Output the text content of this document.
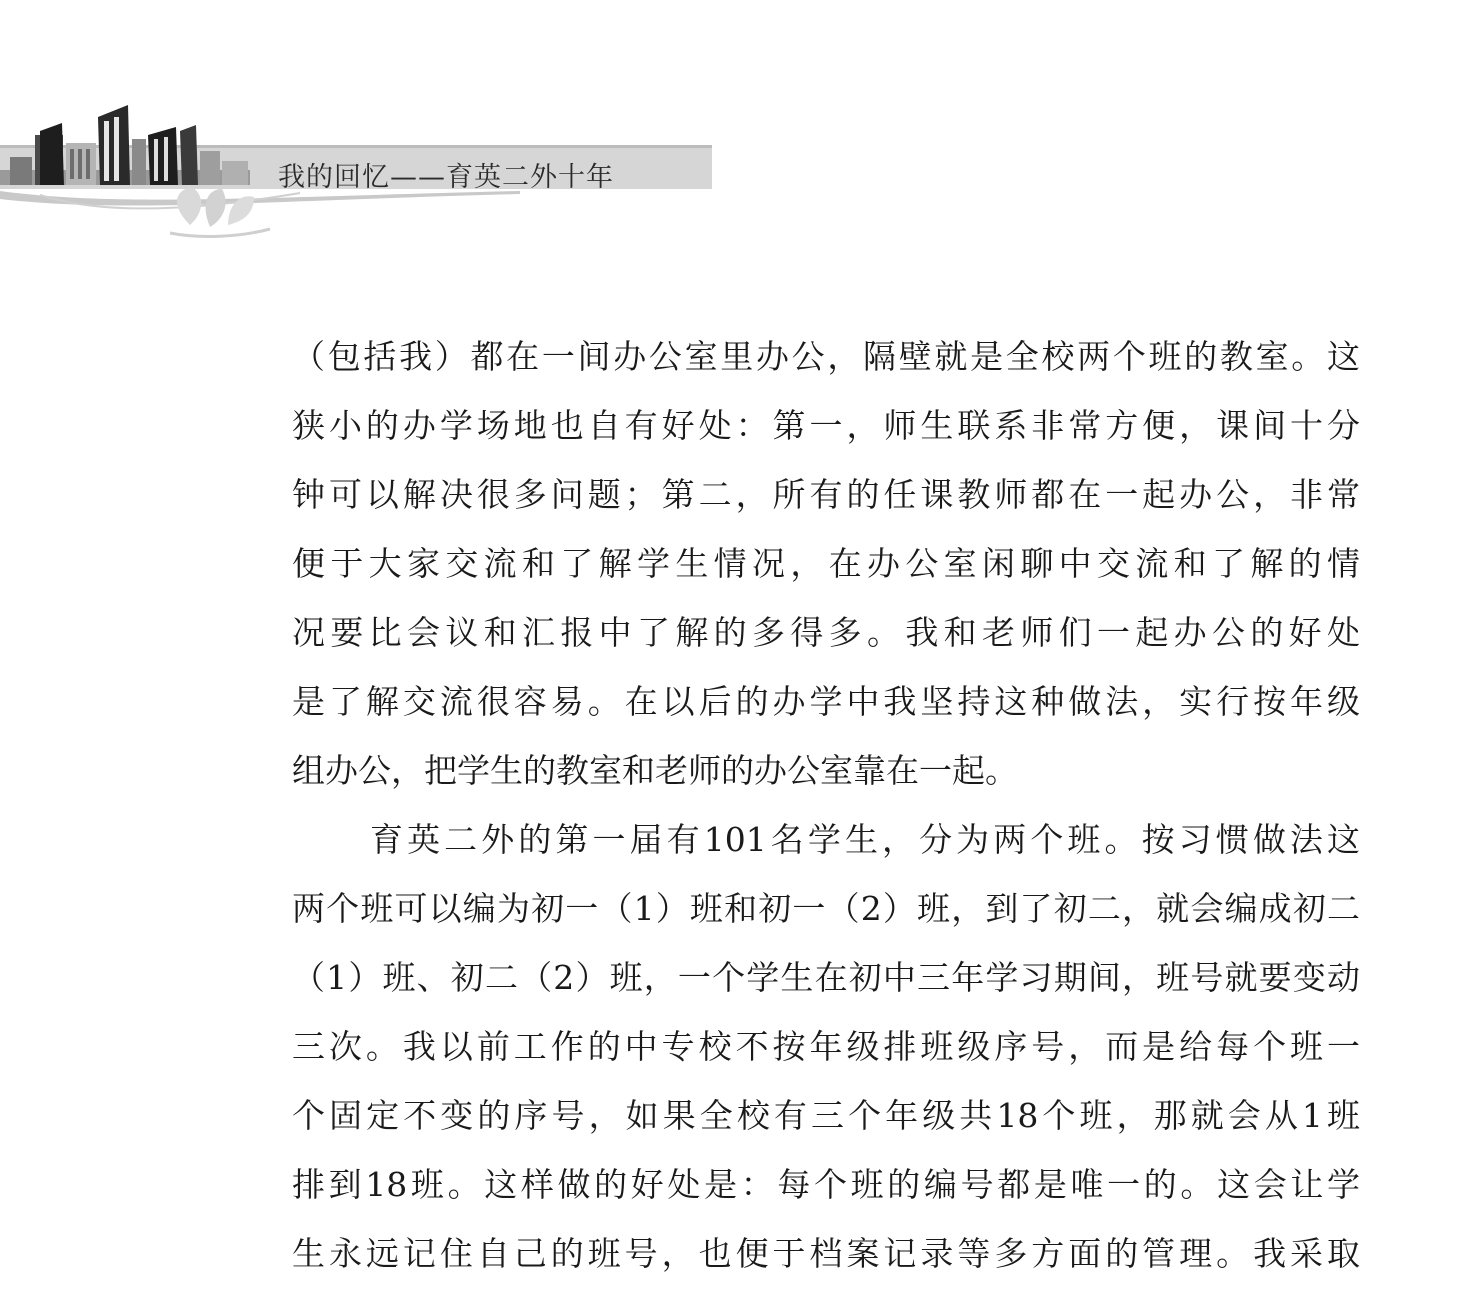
我的回忆——育英二外十年
（包括我）都在一间办公室里办公，隔壁就是全校两个班的教室。这
狭小的办学场地也自有好处：第一，师生联系非常方便，课间十分
钟可以解决很多问题；第二，所有的任课教师都在一起办公，非常
便于大家交流和了解学生情况，在办公室闲聊中交流和了解的情
况要比会议和汇报中了解的多得多。我和老师们一起办公的好处
是了解交流很容易。在以后的办学中我坚持这种做法，实行按年级
组办公，把学生的教室和老师的办公室靠在一起。
育英二外的第一届有101名学生，分为两个班。按习惯做法这
两个班可以编为初一（1）班和初一（2）班，到了初二，就会编成初二
（1）班、初二（2）班，一个学生在初中三年学习期间，班号就要变动
三次。我以前工作的中专校不按年级排班级序号，而是给每个班一
个固定不变的序号，如果全校有三个年级共18个班，那就会从1班
排到18班。这样做的好处是：每个班的编号都是唯一的。这会让学
生永远记住自己的班号，也便于档案记录等多方面的管理。我采取
